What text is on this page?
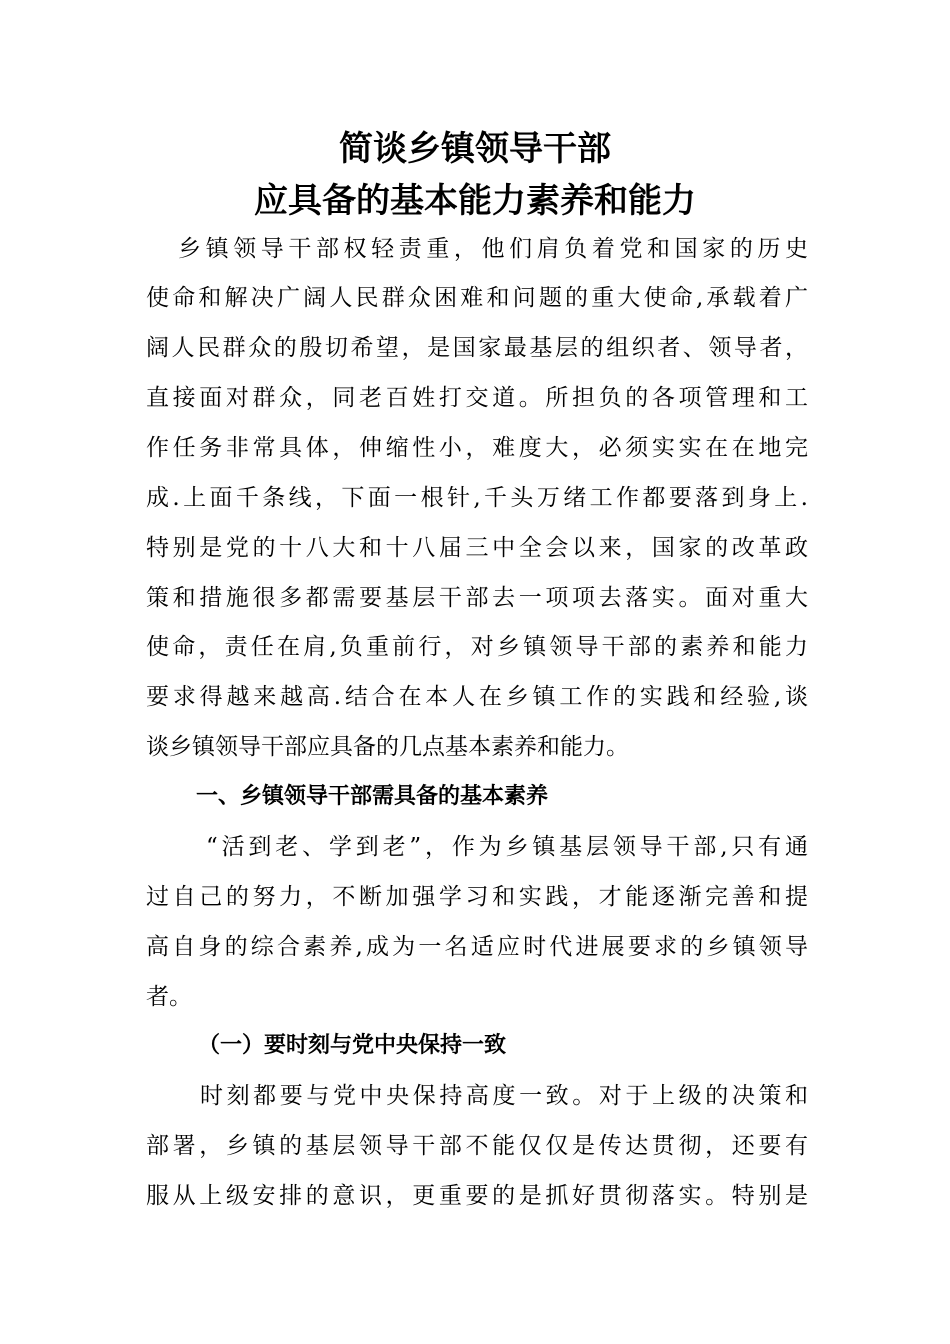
简谈乡镇领导干部
应具备的基本能力素养和能力
乡镇领导干部权轻责重，他们肩负着党和国家的历史
使命和解决广阔人民群众困难和问题的重大使命,承载着广
阔人民群众的殷切希望，是国家最基层的组织者、领导者，
直接面对群众，同老百姓打交道。所担负的各项管理和工
作任务非常具体，伸缩性小，难度大，必须实实在在地完
成.上面千条线，下面一根针,千头万绪工作都要落到身上.
特别是党的十八大和十八届三中全会以来，国家的改革政
策和措施很多都需要基层干部去一项项去落实。面对重大
使命，责任在肩,负重前行，对乡镇领导干部的素养和能力
要求得越来越高.结合在本人在乡镇工作的实践和经验,谈
谈乡镇领导干部应具备的几点基本素养和能力。
一、乡镇领导干部需具备的基本素养
“活到老、学到老”，作为乡镇基层领导干部,只有通
过自己的努力，不断加强学习和实践，才能逐渐完善和提
高自身的综合素养,成为一名适应时代进展要求的乡镇领导
者。
（一）要时刻与党中央保持一致
时刻都要与党中央保持高度一致。对于上级的决策和
部署，乡镇的基层领导干部不能仅仅是传达贯彻，还要有
服从上级安排的意识，更重要的是抓好贯彻落实。特别是
